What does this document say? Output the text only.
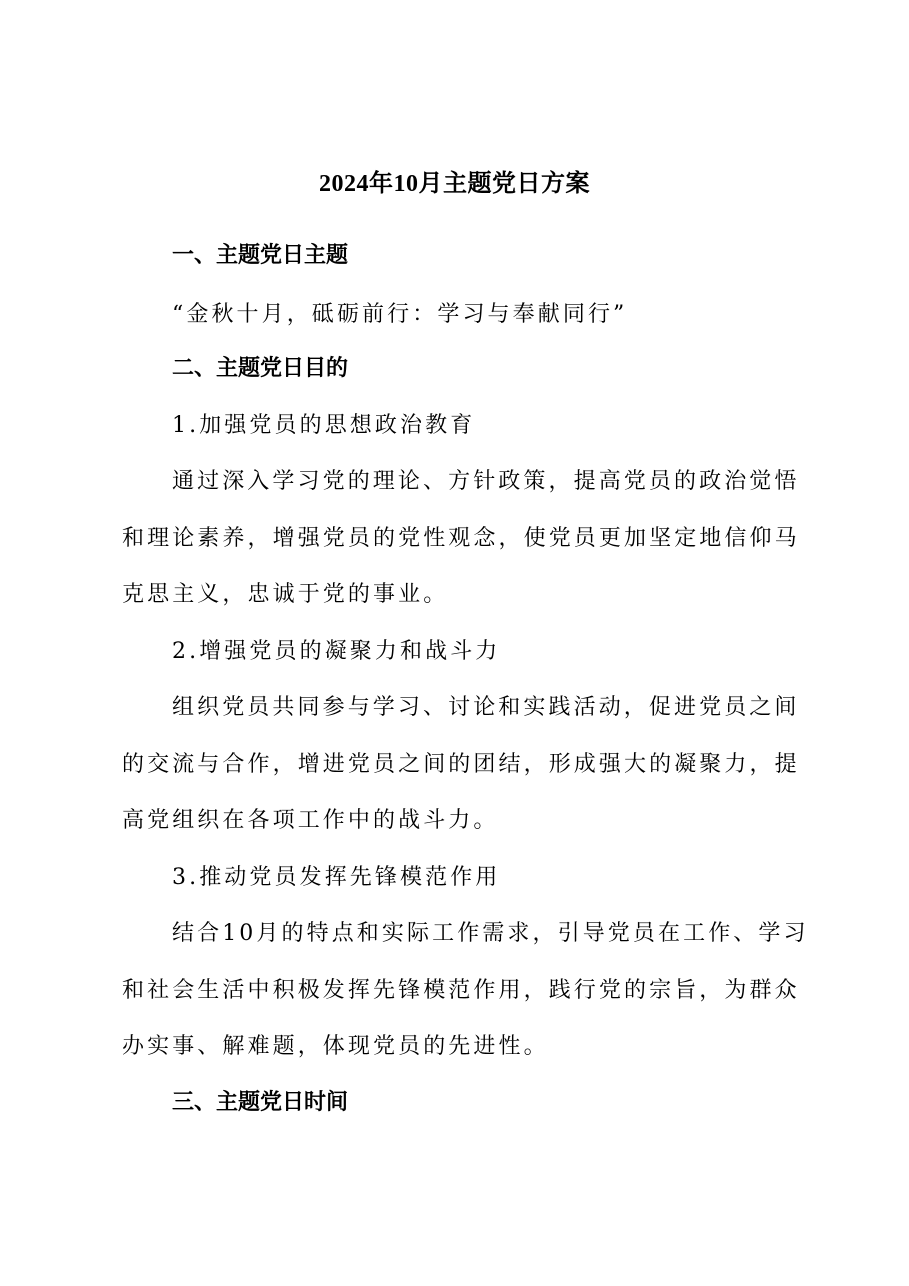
2024年10月主题党日方案
一、主题党日主题

“金秋十月，砥砺前行：学习与奉献同行”

二、主题党日目的

1.加强党员的思想政治教育

通过深入学习党的理论、方针政策，提高党员的政治觉悟

和理论素养，增强党员的党性观念，使党员更加坚定地信仰马

克思主义，忠诚于党的事业。

2.增强党员的凝聚力和战斗力

组织党员共同参与学习、讨论和实践活动，促进党员之间

的交流与合作，增进党员之间的团结，形成强大的凝聚力，提

高党组织在各项工作中的战斗力。

3.推动党员发挥先锋模范作用

结合10月的特点和实际工作需求，引导党员在工作、学习

和社会生活中积极发挥先锋模范作用，践行党的宗旨，为群众

办实事、解难题，体现党员的先进性。

三、主题党日时间
